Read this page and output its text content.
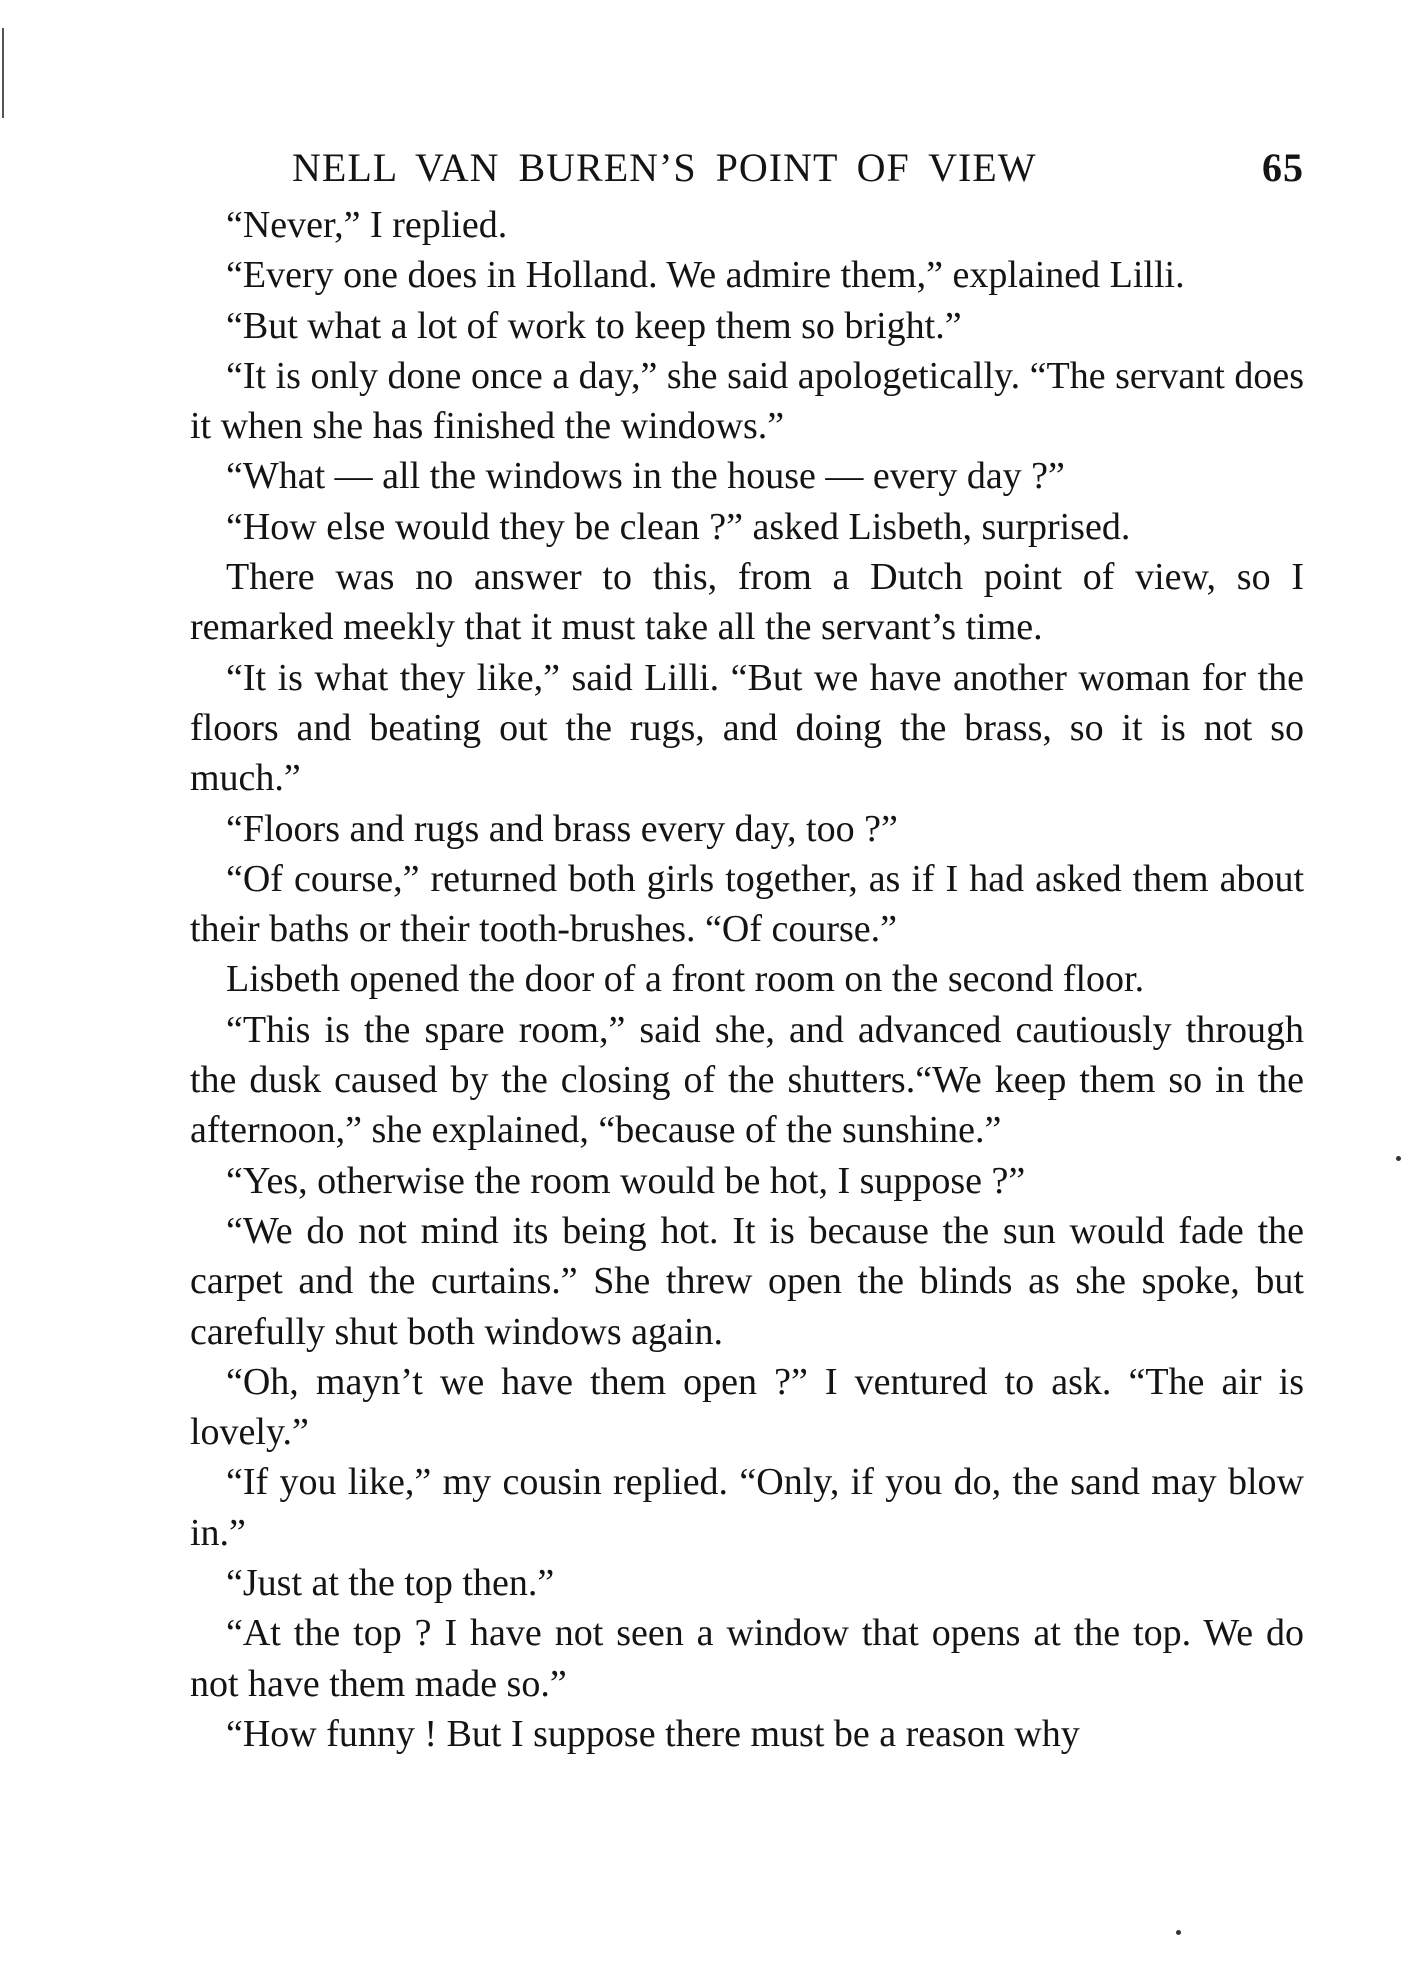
NELL VAN BUREN’S POINT OF VIEW	65

“Never,” I replied.

“Every one does in Holland. We admire them,” explained Lilli.

“But what a lot of work to keep them so bright.”

“It is only done once a day,” she said apologetically. “The servant does it when she has finished the windows.”

“What — all the windows in the house — every day ?”

“How else would they be clean ?” asked Lisbeth, surprised.

There was no answer to this, from a Dutch point of view, so I remarked meekly that it must take all the servant’s time.

“It is what they like,” said Lilli. “But we have another woman for the floors and beating out the rugs, and doing the brass, so it is not so much.”

“Floors and rugs and brass every day, too ?”

“Of course,” returned both girls together, as if I had asked them about their baths or their tooth-brushes. “Of course.”

Lisbeth opened the door of a front room on the second floor.

“This is the spare room,” said she, and advanced cautiously through the dusk caused by the closing of the shutters.“We keep them so in the afternoon,” she explained, “because of the sunshine.”

“Yes, otherwise the room would be hot, I suppose ?”

“We do not mind its being hot. It is because the sun would fade the carpet and the curtains.” She threw open the blinds as she spoke, but carefully shut both windows again.

“Oh, mayn’t we have them open ?” I ventured to ask. “The air is lovely.”

“If you like,” my cousin replied. “Only, if you do, the sand may blow in.”

“Just at the top then.”

“At the top ? I have not seen a window that opens at the top. We do not have them made so.”

“How funny ! But I suppose there must be a reason why
